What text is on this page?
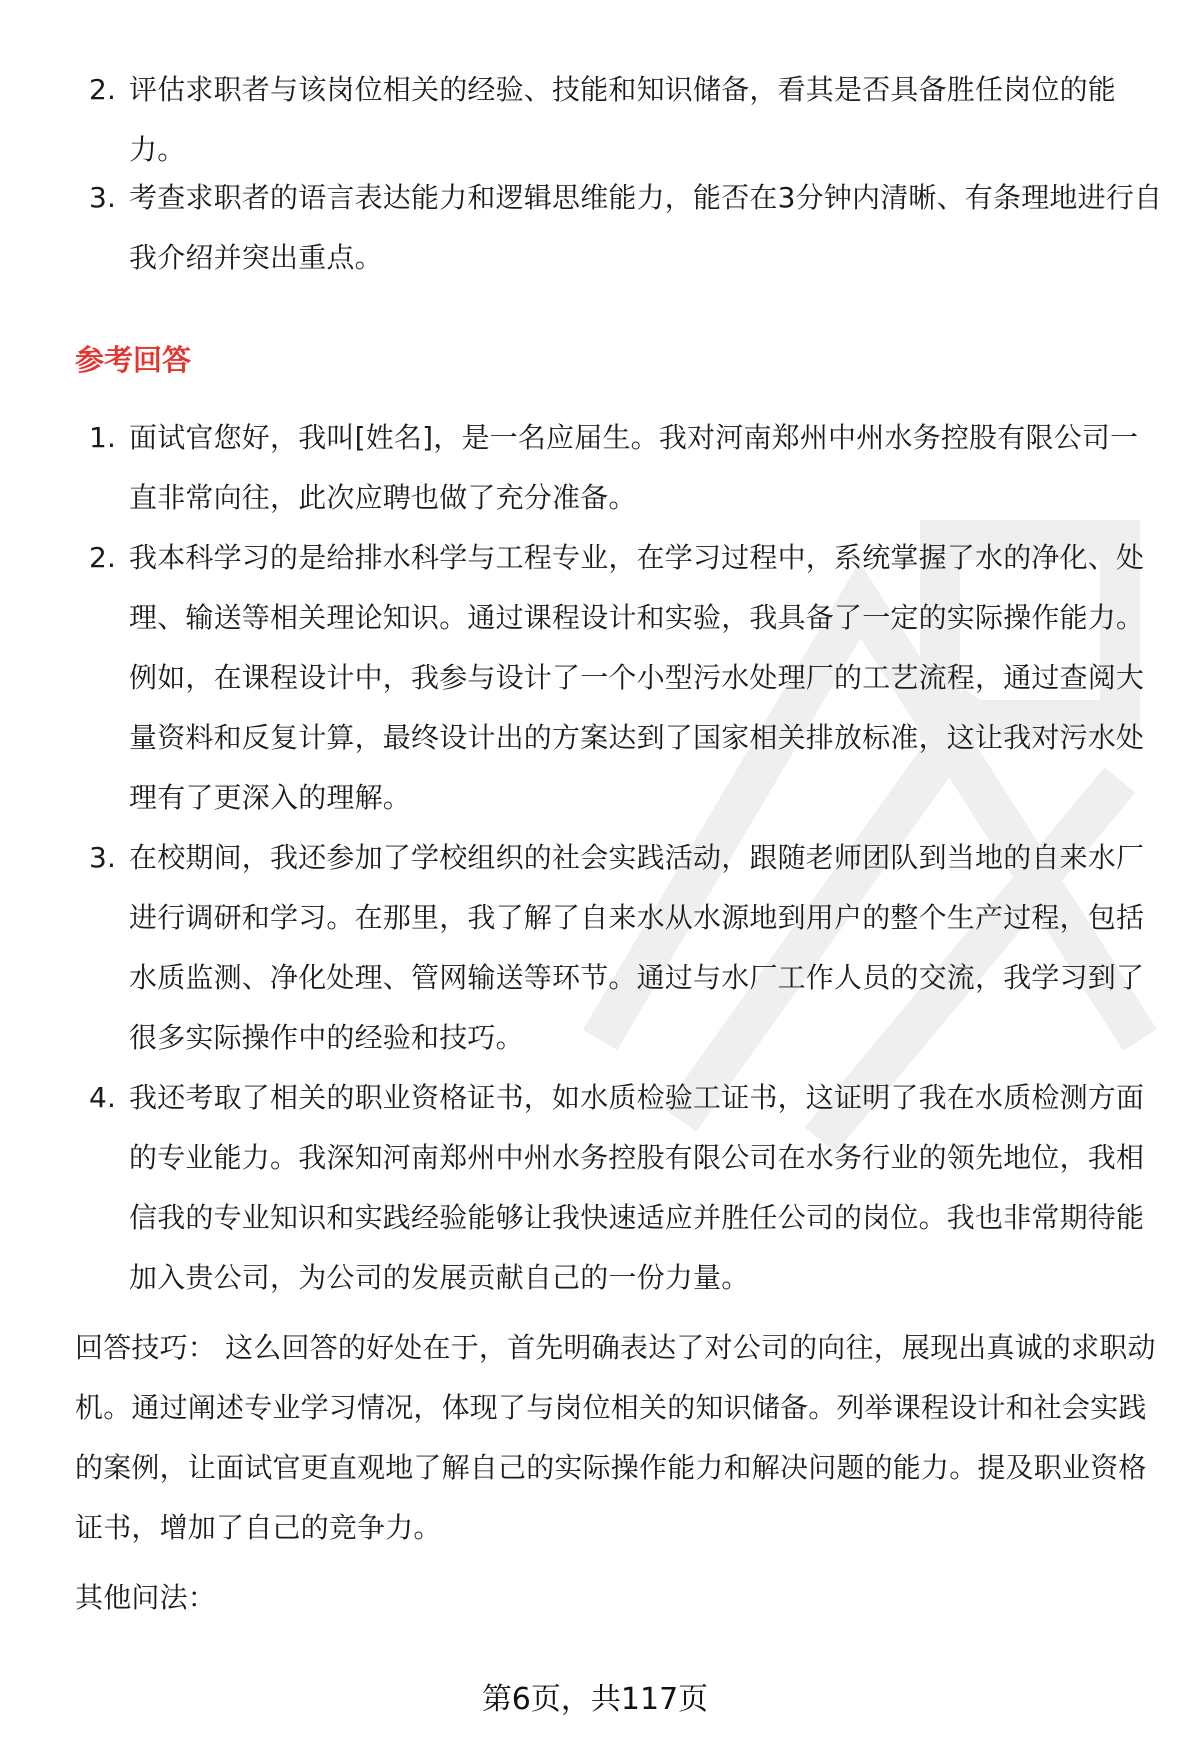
2. 评估求职者与该岗位相关的经验、技能和知识储备，看其是否具备胜任岗位的能力。
3. 考查求职者的语言表达能力和逻辑思维能力，能否在3分钟内清晰、有条理地进行自我介绍并突出重点。
参考回答
1. 面试官您好，我叫[姓名]，是一名应届生。我对河南郑州中州水务控股有限公司一直非常向往，此次应聘也做了充分准备。
2. 我本科学习的是给排水科学与工程专业，在学习过程中，系统掌握了水的净化、处理、输送等相关理论知识。通过课程设计和实验，我具备了一定的实际操作能力。例如，在课程设计中，我参与设计了一个小型污水处理厂的工艺流程，通过查阅大量资料和反复计算，最终设计出的方案达到了国家相关排放标准，这让我对污水处理有了更深入的理解。
3. 在校期间，我还参加了学校组织的社会实践活动，跟随老师团队到当地的自来水厂进行调研和学习。在那里，我了解了自来水从水源地到用户的整个生产过程，包括水质监测、净化处理、管网输送等环节。通过与水厂工作人员的交流，我学习到了很多实际操作中的经验和技巧。
4. 我还考取了相关的职业资格证书，如水质检验工证书，这证明了我在水质检测方面的专业能力。我深知河南郑州中州水务控股有限公司在水务行业的领先地位，我相信我的专业知识和实践经验能够让我快速适应并胜任公司的岗位。我也非常期待能加入贵公司，为公司的发展贡献自己的一份力量。
回答技巧： 这么回答的好处在于，首先明确表达了对公司的向往，展现出真诚的求职动机。通过阐述专业学习情况，体现了与岗位相关的知识储备。列举课程设计和社会实践的案例，让面试官更直观地了解自己的实际操作能力和解决问题的能力。提及职业资格证书，增加了自己的竞争力。
其他问法：
第6页，共117页
